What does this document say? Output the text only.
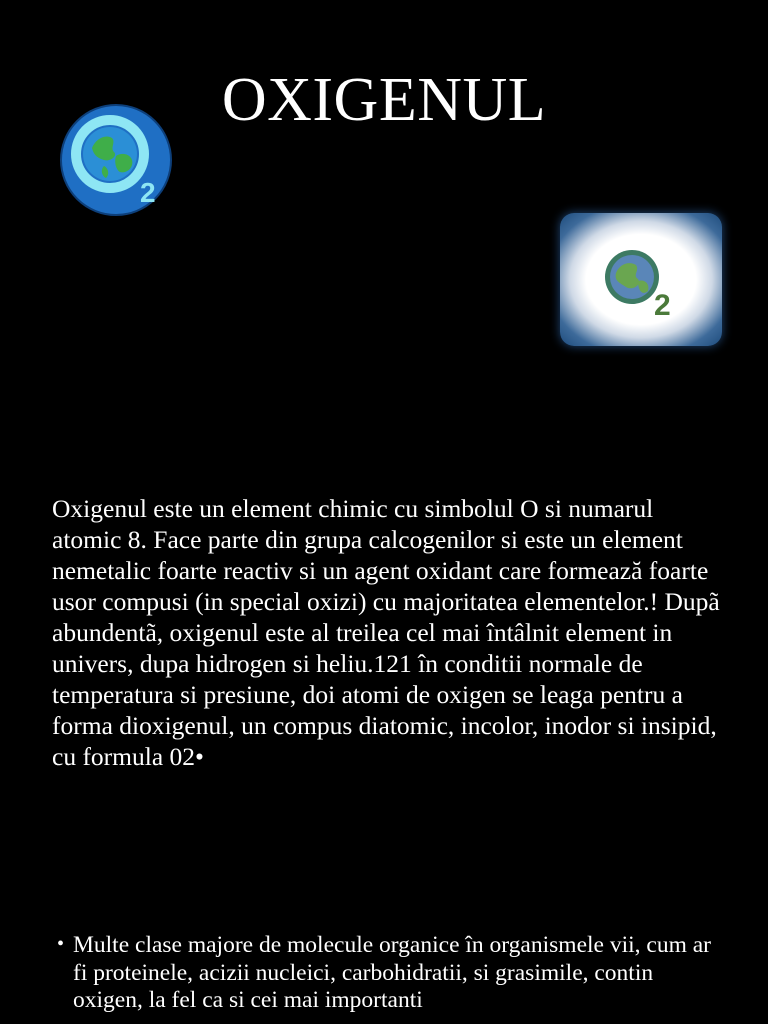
OXIGENUL
2
2

Oxigenul este un element chimic cu simbolul O si numarul atomic 8. Face parte din grupa calcogenilor si este un element nemetalic foarte reactiv si un agent oxidant care formează foarte usor compusi (in special oxizi) cu majoritatea elementelor.! Dupã abundentã, oxigenul este al treilea cel mai întâlnit element in univers, dupa hidrogen si heliu.121 în conditii normale de temperatura si presiune, doi atomi de oxigen se leaga pentru a forma dioxigenul, un compus diatomic, incolor, inodor si insipid, cu formula 02•

• Multe clase majore de molecule organice în organismele vii, cum ar fi proteinele, acizii nucleici, carbohidratii, si grasimile, contin oxigen, la fel ca si cei mai importanti
